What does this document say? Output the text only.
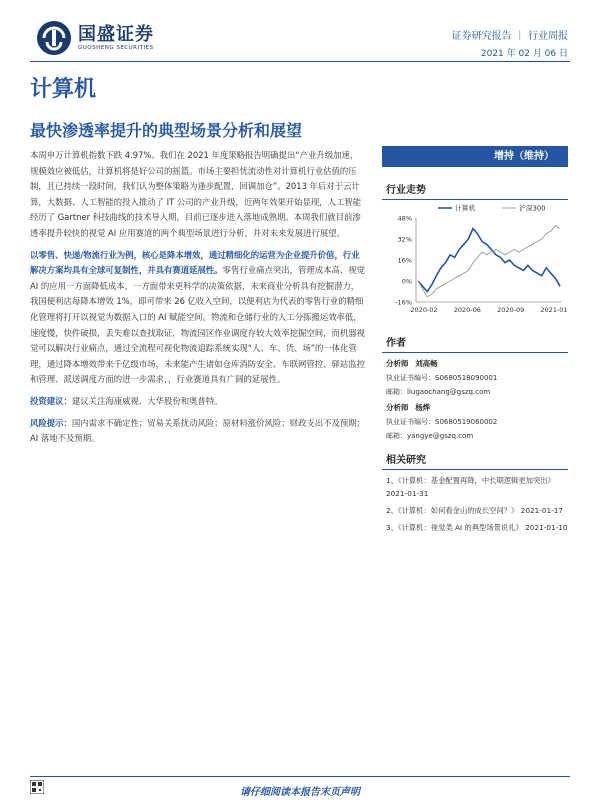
国盛证券
GUOSHENG SECURITIES
证券研究报告 ｜ 行业周报
2021 年 02 月 06 日
计算机
最快渗透率提升的典型场景分析和展望

本周申万计算机指数下跌 4.97%。我们在 2021 年度策略报告明确提出“产业升级加速，规模效应被低估，计算机将是好公司的摇篮。市场主要担忧流动性对计算机行业估值的压制，且已持续一段时间，我们认为整体策略为逢步配置，回调加仓”。2013 年后对于云计算，大数据、人工智能的投入推动了 IT 公司的产业升级，近两年效果开始显现，人工智能经历了 Gartner 科技曲线的技术导入期，目前已逐步进入落地成熟期。本周我们就目前渗透率提升较快的视觉 AI 应用赛道的两个典型场景进行分析，并对未来发展进行展望。

以零售、快递/物流行业为例，核心是降本增效，通过精细化的运营为企业提升价值，行业解决方案均具有全球可复制性，并具有赛道延展性。零售行业痛点突出，管理成本高、视觉 AI 的应用一方面降低成本，一方面带来更科学的决策依据，未来商业分析具有挖掘潜力，我国便利店每降本增效 1%，即可带来 26 亿收入空间，以便利店为代表的零售行业的精细化管理将打开以视觉为数据入口的 AI 赋能空间。物流和仓储行业的人工分拣搬运效率低，速度慢，快件破损，丢失难以查找取证，物流园区作业调度存较大效率挖掘空间，而机器视觉可以解决行业痛点，通过全流程可视化物流追踪系统实现“人、车、货、场”的一体化管理，通过降本增效带来千亿级市场，未来能产生诸如仓库消防安全、车联网管控、驿站监控和管理、派送调度方面的进一步需求，，行业赛道具有广阔的延展性。

投资建议：建议关注海康威视、大华股份和奥普特。

风险提示：国内需求不确定性；贸易关系扰动风险；原材料涨价风险；财政支出不及预期；AI 落地不及预期。

增持（维持）
行业走势
48%
32%
16%
0%
-16%
2020-02 2020-06 2020-09 2021-01
计算机	沪深300
作者
分析师 刘高畅
执业证书编号：S0680518090001
邮箱：liugaochang@gszq.com
分析师 杨烨
执业证书编号：S0680519060002
邮箱：yangye@gszq.com
相关研究
1、《计算机：基金配置再降，中长期逻辑更加突出》
2021-01-31
2、《计算机：如何看金山的成长空间？》 2021-01-17
3、《计算机：视觉类 AI 的典型场景说礼》 2021-01-10
请仔细阅读本报告末页声明
